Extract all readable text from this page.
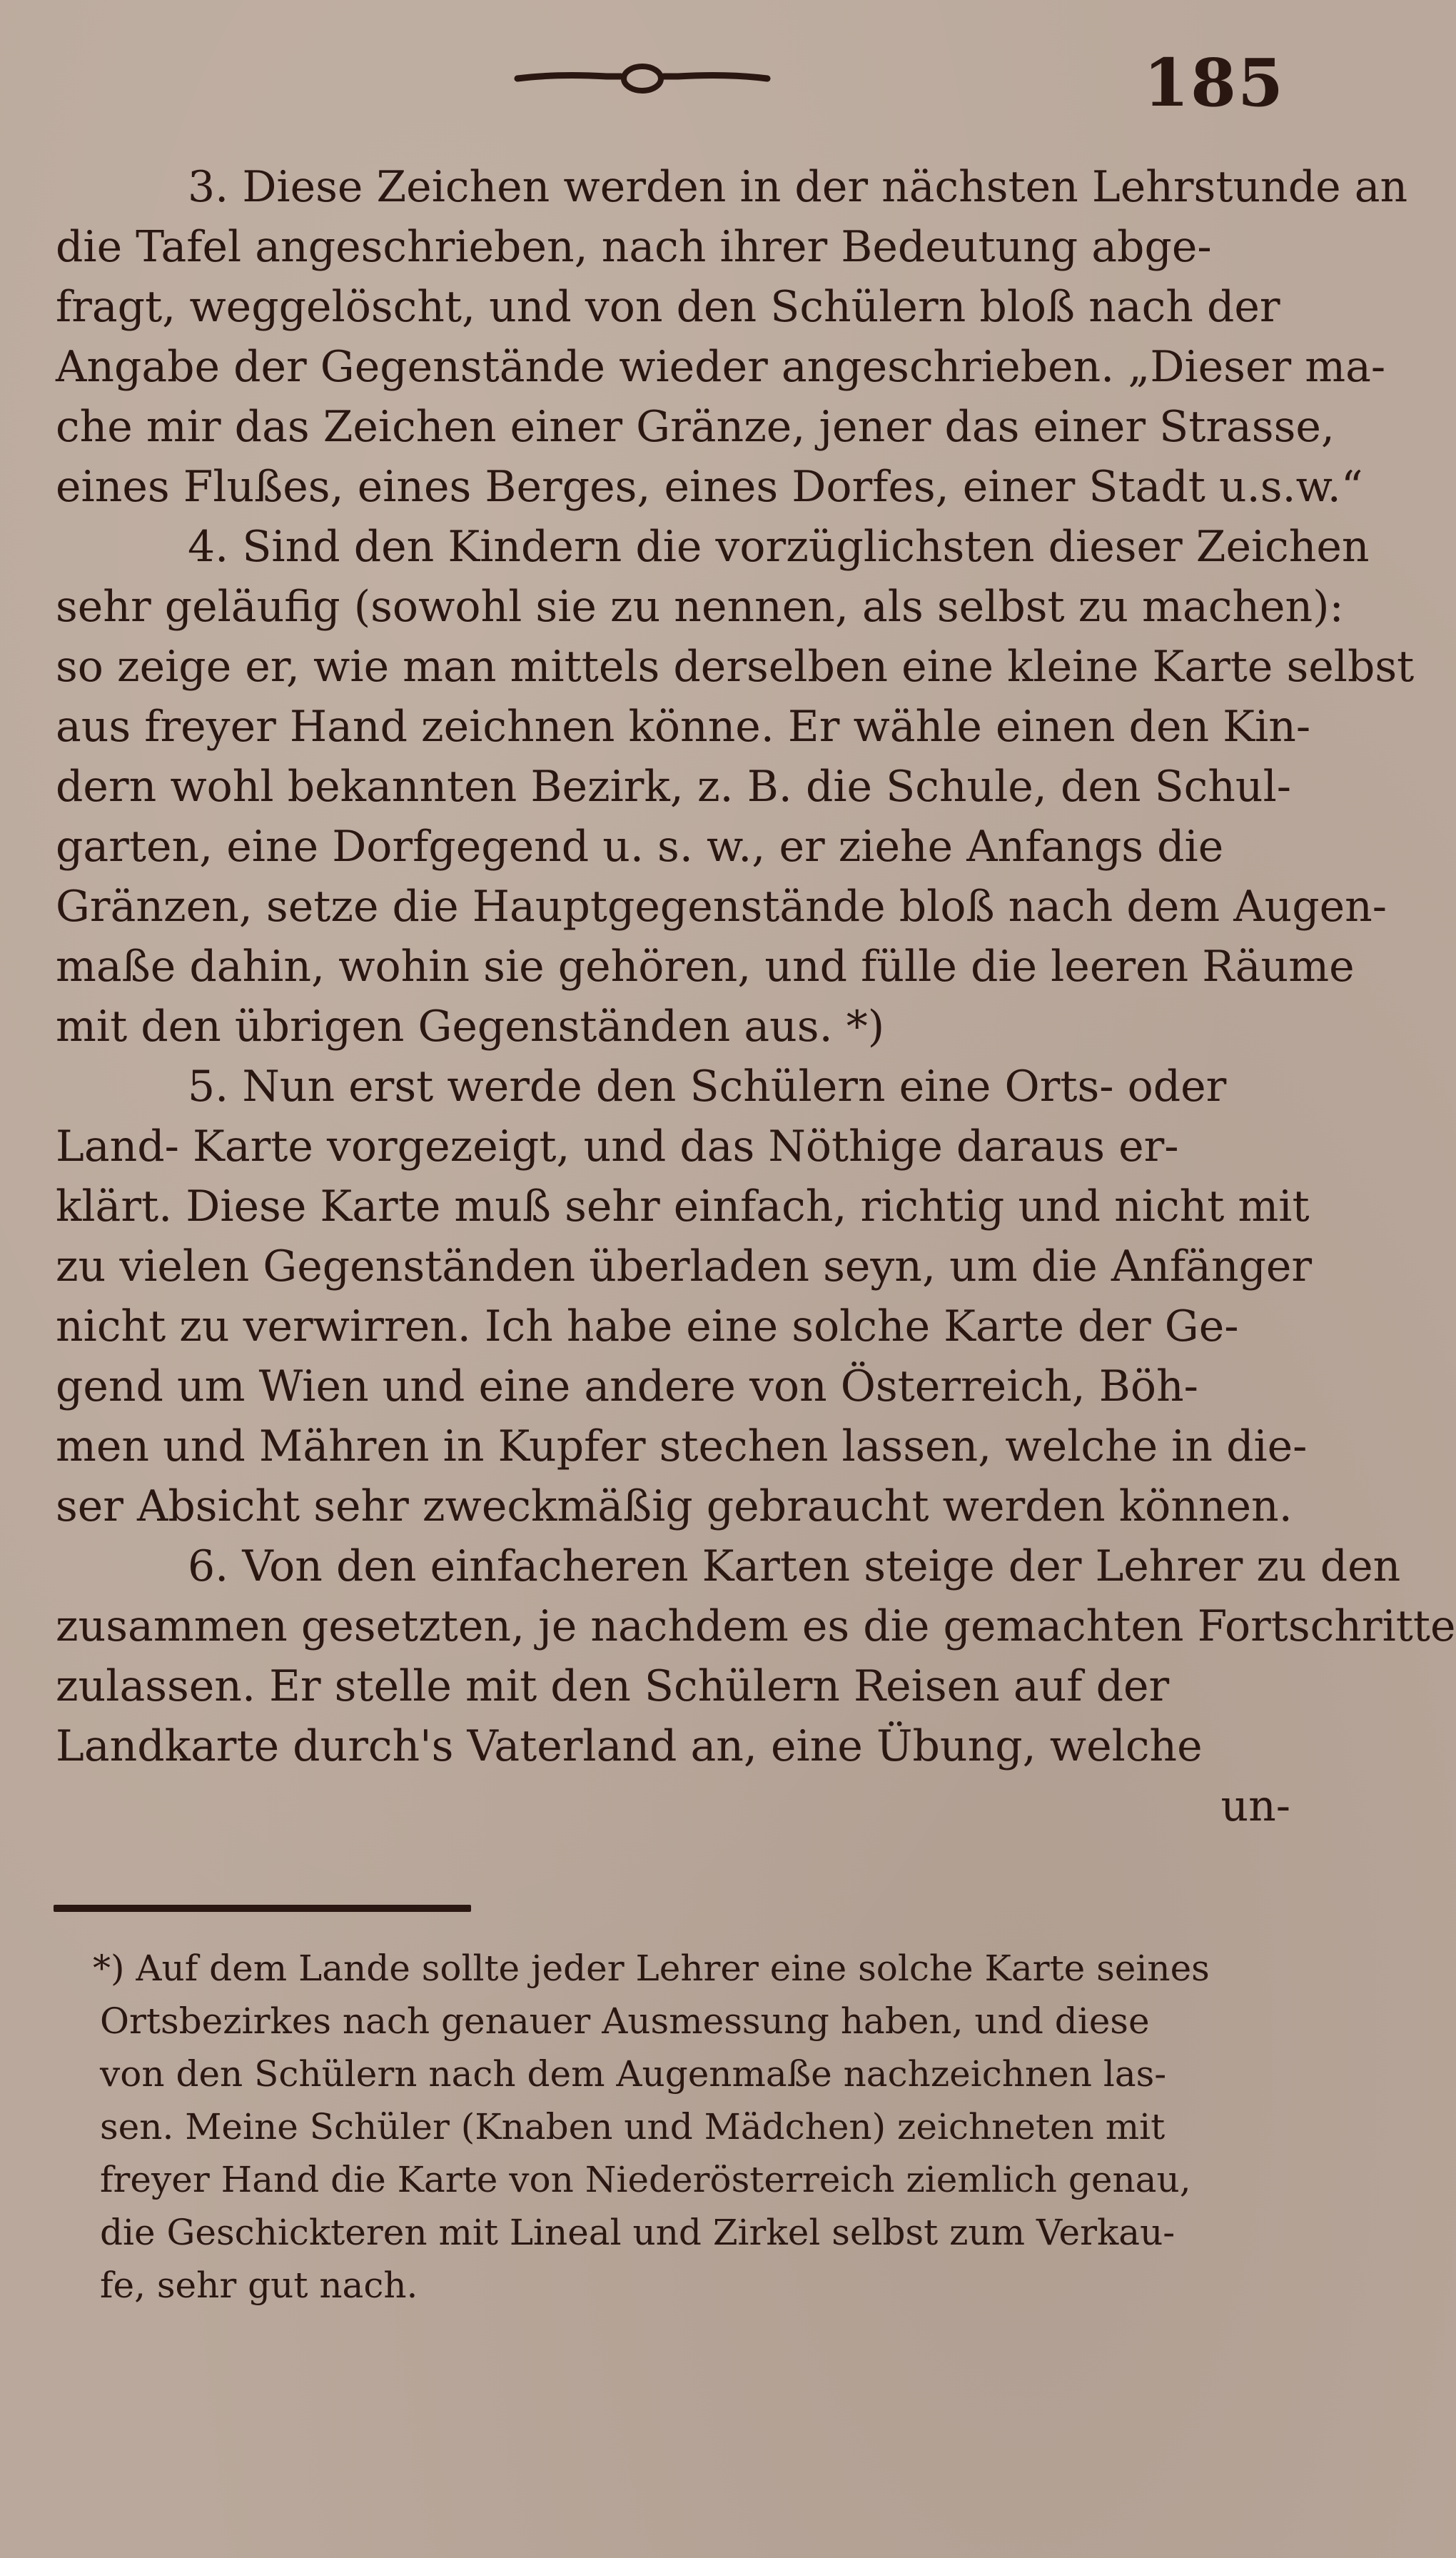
185
3. Diese Zeichen werden in der nächsten Lehrstunde an
die Tafel angeschrieben, nach ihrer Bedeutung abge-
fragt, weggelöscht, und von den Schülern bloß nach der
Angabe der Gegenstände wieder angeschrieben. „Dieser ma-
che mir das Zeichen einer Gränze, jener das einer Strasse,
eines Flußes, eines Berges, eines Dorfes, einer Stadt u.s.w.“
4. Sind den Kindern die vorzüglichsten dieser Zeichen
sehr geläufig (sowohl sie zu nennen, als selbst zu machen):
so zeige er, wie man mittels derselben eine kleine Karte selbst
aus freyer Hand zeichnen könne. Er wähle einen den Kin-
dern wohl bekannten Bezirk, z. B. die Schule, den Schul-
garten, eine Dorfgegend u. s. w., er ziehe Anfangs die
Gränzen, setze die Hauptgegenstände bloß nach dem Augen-
maße dahin, wohin sie gehören, und fülle die leeren Räume
mit den übrigen Gegenständen aus. *)
5. Nun erst werde den Schülern eine Orts- oder
Land- Karte vorgezeigt, und das Nöthige daraus er-
klärt. Diese Karte muß sehr einfach, richtig und nicht mit
zu vielen Gegenständen überladen seyn, um die Anfänger
nicht zu verwirren. Ich habe eine solche Karte der Ge-
gend um Wien und eine andere von Österreich, Böh-
men und Mähren in Kupfer stechen lassen, welche in die-
ser Absicht sehr zweckmäßig gebraucht werden können.
6. Von den einfacheren Karten steige der Lehrer zu den
zusammen gesetzten, je nachdem es die gemachten Fortschritte
zulassen. Er stelle mit den Schülern Reisen auf der
Landkarte durch's Vaterland an, eine Übung, welche
un-
*) Auf dem Lande sollte jeder Lehrer eine solche Karte seines
Ortsbezirkes nach genauer Ausmessung haben, und diese
von den Schülern nach dem Augenmaße nachzeichnen las-
sen. Meine Schüler (Knaben und Mädchen) zeichneten mit
freyer Hand die Karte von Niederösterreich ziemlich genau,
die Geschickteren mit Lineal und Zirkel selbst zum Verkau-
fe, sehr gut nach.
